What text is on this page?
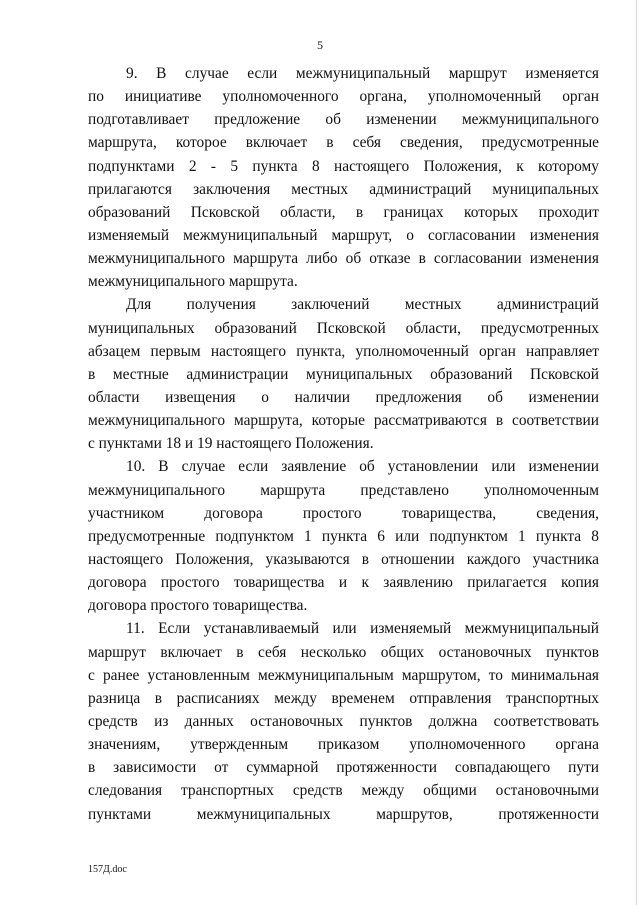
5
9. В случае если межмуниципальный маршрут изменяется
по инициативе уполномоченного органа, уполномоченный орган
подготавливает предложение об изменении межмуниципального
маршрута, которое включает в себя сведения, предусмотренные
подпунктами 2 - 5 пункта 8 настоящего Положения, к которому
прилагаются заключения местных администраций муниципальных
образований Псковской области, в границах которых проходит
изменяемый межмуниципальный маршрут, о согласовании изменения
межмуниципального маршрута либо об отказе в согласовании изменения
межмуниципального маршрута.
Для получения заключений местных администраций
муниципальных образований Псковской области, предусмотренных
абзацем первым настоящего пункта, уполномоченный орган направляет
в местные администрации муниципальных образований Псковской
области извещения о наличии предложения об изменении
межмуниципального маршрута, которые рассматриваются в соответствии
с пунктами 18 и 19 настоящего Положения.
10. В случае если заявление об установлении или изменении
межмуниципального маршрута представлено уполномоченным
участником договора простого товарищества, сведения,
предусмотренные подпунктом 1 пункта 6 или подпунктом 1 пункта 8
настоящего Положения, указываются в отношении каждого участника
договора простого товарищества и к заявлению прилагается копия
договора простого товарищества.
11. Если устанавливаемый или изменяемый межмуниципальный
маршрут включает в себя несколько общих остановочных пунктов
с ранее установленным межмуниципальным маршрутом, то минимальная
разница в расписаниях между временем отправления транспортных
средств из данных остановочных пунктов должна соответствовать
значениям, утвержденным приказом уполномоченного органа
в зависимости от суммарной протяженности совпадающего пути
следования транспортных средств между общими остановочными
пунктами межмуниципальных маршрутов, протяженности
157Д.doc
